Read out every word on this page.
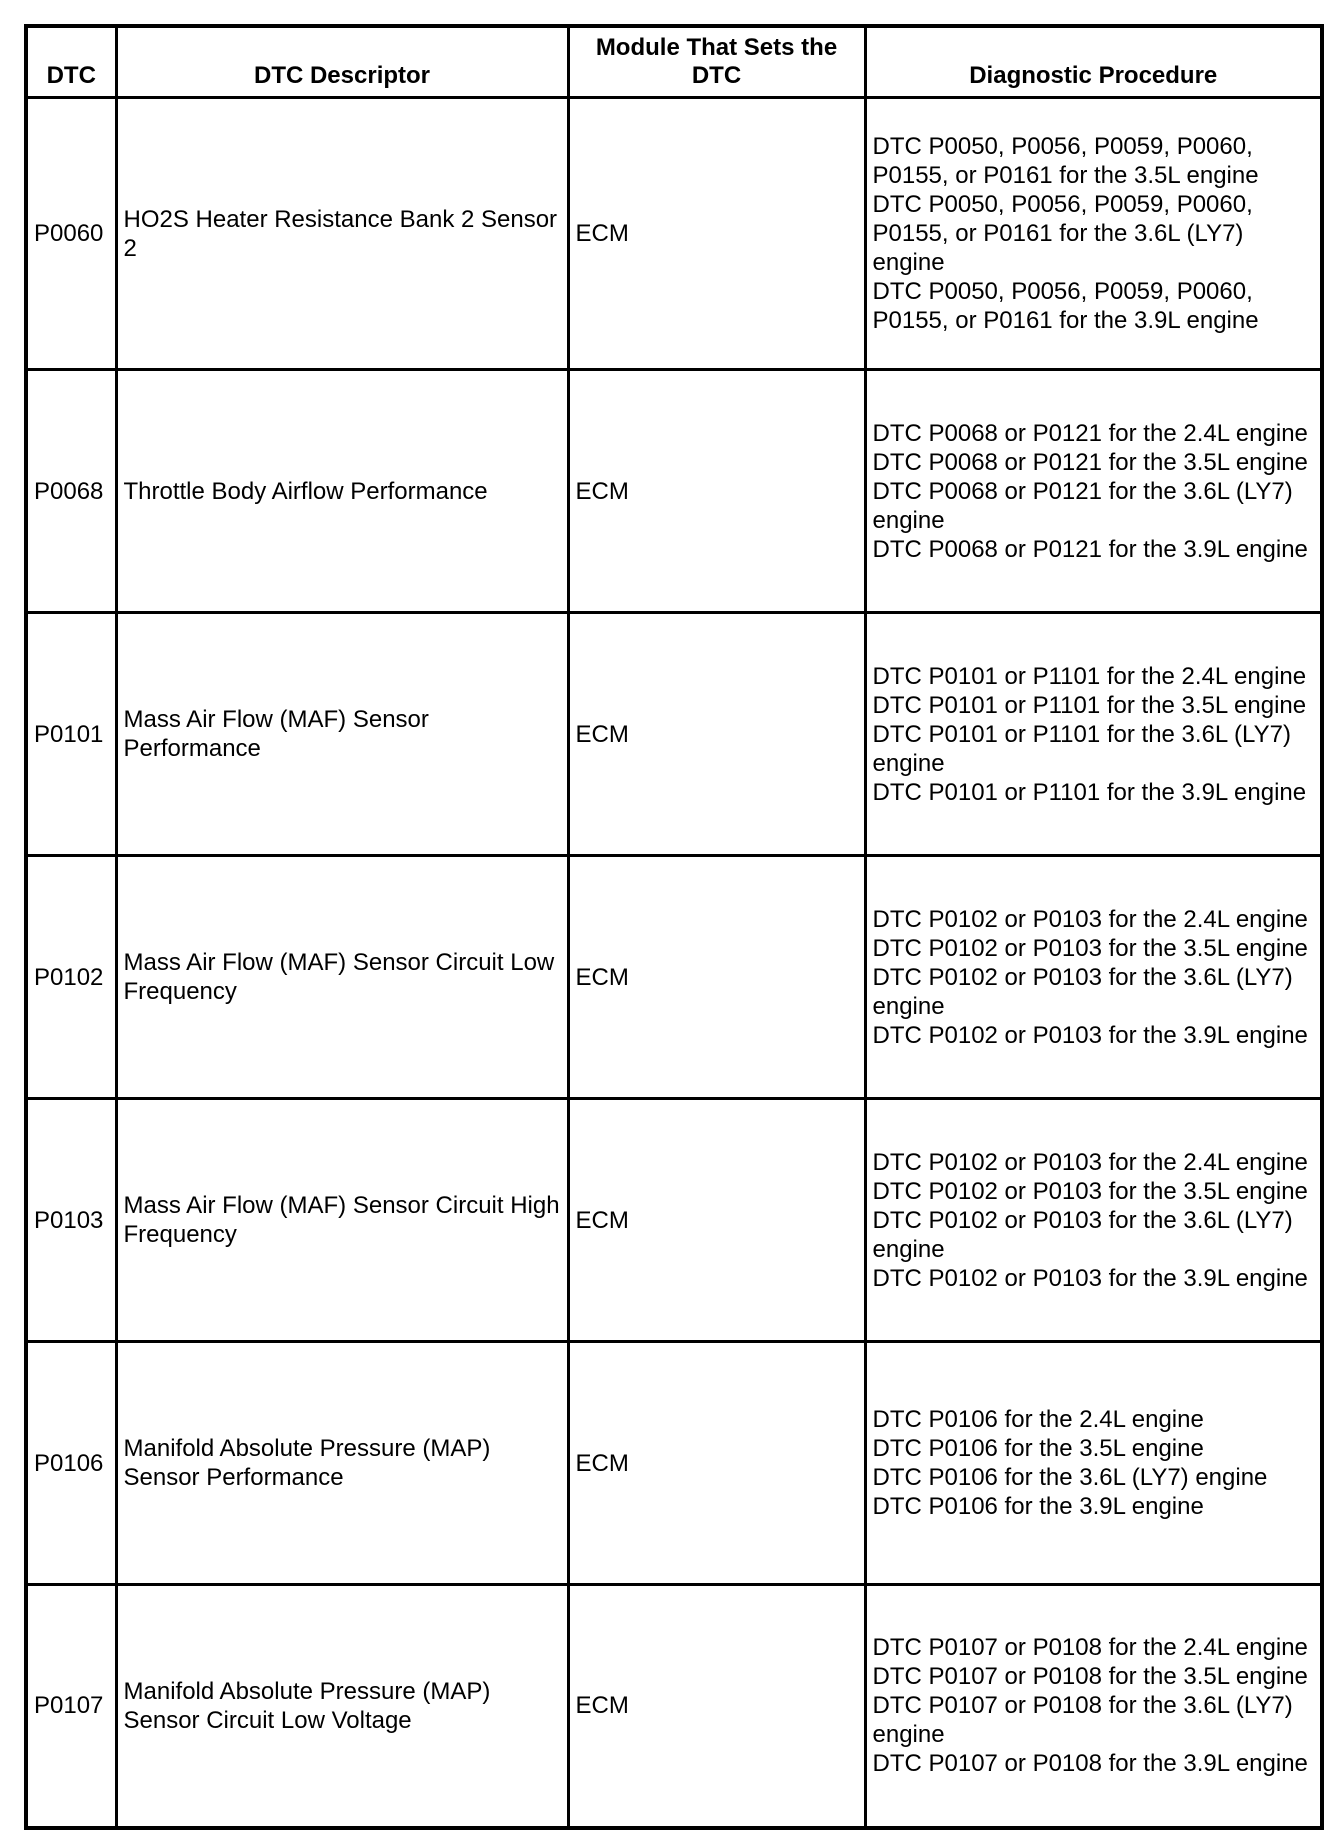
DTC	DTC Descriptor	Module That Sets the DTC	Diagnostic Procedure
P0060	HO2S Heater Resistance Bank 2 Sensor 2	ECM	DTC P0050, P0056, P0059, P0060, P0155, or P0161 for the 3.5L engine
DTC P0050, P0056, P0059, P0060, P0155, or P0161 for the 3.6L (LY7) engine
DTC P0050, P0056, P0059, P0060, P0155, or P0161 for the 3.9L engine

P0068	Throttle Body Airflow Performance	ECM	DTC P0068 or P0121 for the 2.4L engine
DTC P0068 or P0121 for the 3.5L engine
DTC P0068 or P0121 for the 3.6L (LY7) engine
DTC P0068 or P0121 for the 3.9L engine

P0101	Mass Air Flow (MAF) Sensor Performance	ECM	DTC P0101 or P1101 for the 2.4L engine
DTC P0101 or P1101 for the 3.5L engine
DTC P0101 or P1101 for the 3.6L (LY7) engine
DTC P0101 or P1101 for the 3.9L engine

P0102	Mass Air Flow (MAF) Sensor Circuit Low Frequency	ECM	DTC P0102 or P0103 for the 2.4L engine
DTC P0102 or P0103 for the 3.5L engine
DTC P0102 or P0103 for the 3.6L (LY7) engine
DTC P0102 or P0103 for the 3.9L engine

P0103	Mass Air Flow (MAF) Sensor Circuit High Frequency	ECM	DTC P0102 or P0103 for the 2.4L engine
DTC P0102 or P0103 for the 3.5L engine
DTC P0102 or P0103 for the 3.6L (LY7) engine
DTC P0102 or P0103 for the 3.9L engine

P0106	Manifold Absolute Pressure (MAP) Sensor Performance	ECM	DTC P0106 for the 2.4L engine
DTC P0106 for the 3.5L engine
DTC P0106 for the 3.6L (LY7) engine
DTC P0106 for the 3.9L engine

P0107	Manifold Absolute Pressure (MAP) Sensor Circuit Low Voltage	ECM	DTC P0107 or P0108 for the 2.4L engine
DTC P0107 or P0108 for the 3.5L engine
DTC P0107 or P0108 for the 3.6L (LY7) engine
DTC P0107 or P0108 for the 3.9L engine
